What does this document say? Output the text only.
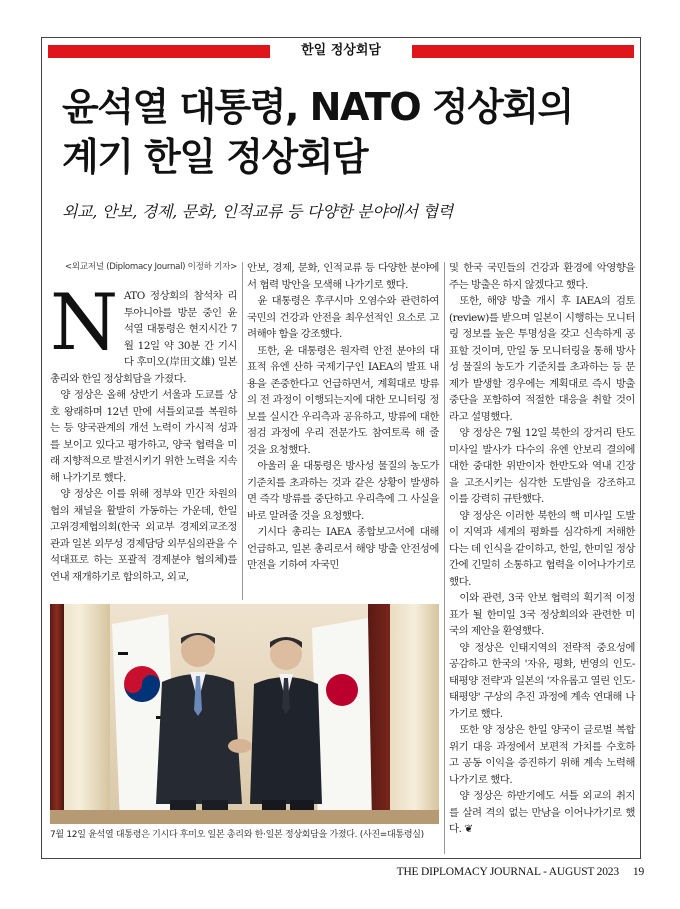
한일 정상회담
윤석열 대통령, NATO 정상회의
계기 한일 정상회담
외교, 안보, 경제, 문화, 인적교류 등 다양한 분야에서 협력
<외교저널 (Diplomacy Journal) 이정하 기자>

NATO 정상회의 참석차 리투아니아를 방문 중인 윤석열 대통령은 현지시간 7월 12일 약 30분 간 기시다 후미오(岸田文雄) 일본 총리와 한일 정상회담을 가졌다.

양 정상은 올해 상반기 서울과 도쿄를 상호 왕래하며 12년 만에 셔틀외교를 복원하는 등 양국관계의 개선 노력이 가시적 성과를 보이고 있다고 평가하고, 양국 협력을 미래 지향적으로 발전시키기 위한 노력을 지속해 나가기로 했다.

양 정상은 이를 위해 정부와 민간 차원의 협의 채널을 활발히 가동하는 가운데, 한일 고위경제협의회(한국 외교부 경제외교조정관과 일본 외무성 경제담당 외무심의관을 수석대표로 하는 포괄적 경제분야 협의체)를 연내 재개하기로 합의하고, 외교,

안보, 경제, 문화, 인적교류 등 다양한 분야에서 협력 방안을 모색해 나가기로 했다.

윤 대통령은 후쿠시마 오염수와 관련하여 국민의 건강과 안전을 최우선적인 요소로 고려해야 함을 강조했다.

또한, 윤 대통령은 원자력 안전 분야의 대표적 유엔 산하 국제기구인 IAEA의 발표 내용을 존중한다고 언급하면서, 계획대로 방류의 전 과정이 이행되는지에 대한 모니터링 정보를 실시간 우리측과 공유하고, 방류에 대한 점검 과정에 우리 전문가도 참여토록 해 줄 것을 요청했다.

아울러 윤 대통령은 방사성 물질의 농도가 기준치를 초과하는 것과 같은 상황이 발생하면 즉각 방류를 중단하고 우리측에 그 사실을 바로 알려줄 것을 요청했다.

기시다 총리는 IAEA 종합보고서에 대해 언급하고, 일본 총리로서 해양 방출 안전성에 만전을 기하여 자국민

및 한국 국민들의 건강과 환경에 악영향을 주는 방출은 하지 않겠다고 했다.

또한, 해양 방출 개시 후 IAEA의 검토(review)를 받으며 일본이 시행하는 모니터링 정보를 높은 투명성을 갖고 신속하게 공표할 것이며, 만일 동 모니터링을 통해 방사성 물질의 농도가 기준치를 초과하는 등 문제가 발생할 경우에는 계획대로 즉시 방출 중단을 포함하여 적절한 대응을 취할 것이라고 설명했다.

양 정상은 7월 12일 북한의 장거리 탄도 미사일 발사가 다수의 유엔 안보리 결의에 대한 중대한 위반이자 한반도와 역내 긴장을 고조시키는 심각한 도발임을 강조하고 이를 강력히 규탄했다.

양 정상은 이러한 북한의 핵 미사일 도발이 지역과 세계의 평화를 심각하게 저해한다는 데 인식을 같이하고, 한일, 한미일 정상 간에 긴밀히 소통하고 협력을 이어나가기로 했다.

이와 관련, 3국 안보 협력의 획기적 이정표가 될 한미일 3국 정상회의와 관련한 미국의 제안을 환영했다.

양 정상은 인태지역의 전략적 중요성에 공감하고 한국의 '자유, 평화, 번영의 인도-태평양 전략'과 일본의 '자유롭고 열린 인도-태평양' 구상의 추진 과정에 계속 연대해 나가기로 했다.

또한 양 정상은 한일 양국이 글로벌 복합위기 대응 과정에서 보편적 가치를 수호하고 공동 이익을 증진하기 위해 계속 노력해 나가기로 했다.

양 정상은 하반기에도 셔틀 외교의 취지를 살려 격의 없는 만남을 이어나가기로 했다. ❦

7월 12일 윤석열 대통령은 기시다 후미오 일본 총리와 한·일본 정상회담을 가졌다. (사진=대통령실)
THE DIPLOMACY JOURNAL - AUGUST 2023 19
